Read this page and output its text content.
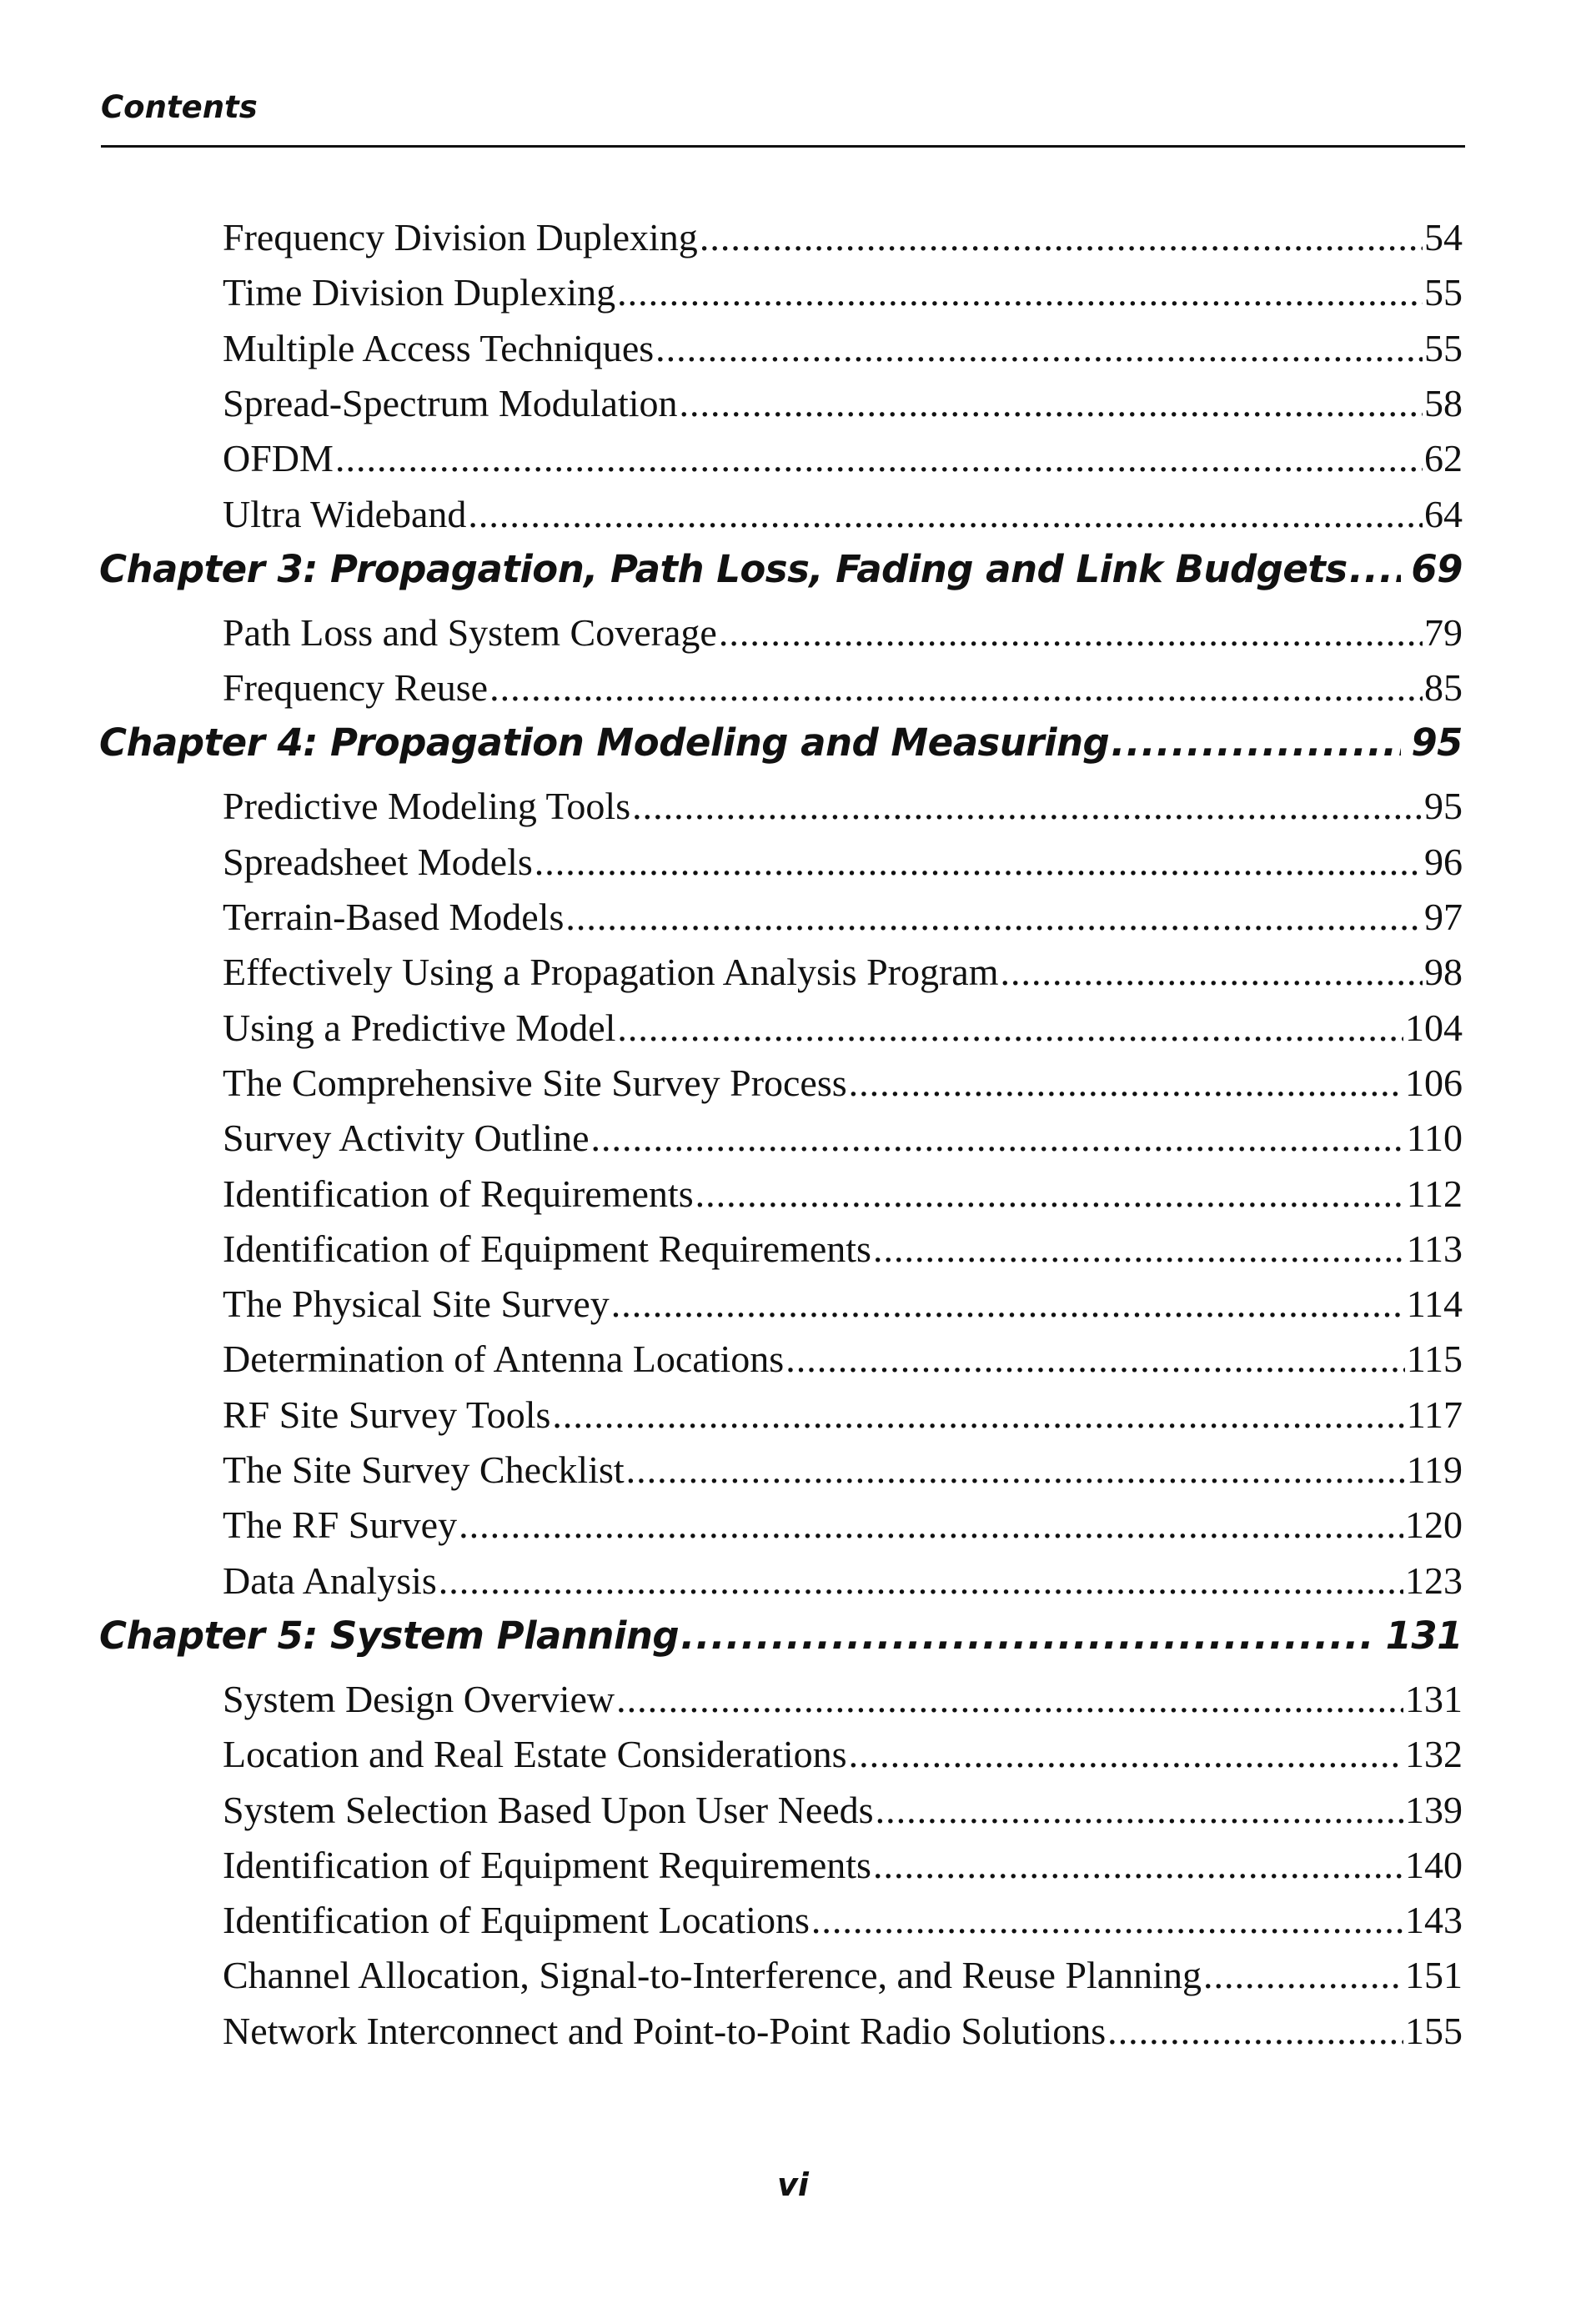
Contents
Frequency Division Duplexing .....	54
Time Division Duplexing .....	55
Multiple Access Techniques .....	55
Spread-Spectrum Modulation .....	58
OFDM .....	62
Ultra Wideband .....	64
Chapter 3: Propagation, Path Loss, Fading and Link Budgets ..... 69
Path Loss and System Coverage .....	79
Frequency Reuse .....	85
Chapter 4: Propagation Modeling and Measuring .....	95
Predictive Modeling Tools .....	95
Spreadsheet Models .....	96
Terrain-Based Models .....	97
Effectively Using a Propagation Analysis Program .....	98
Using a Predictive Model .....	104
The Comprehensive Site Survey Process .....	106
Survey Activity Outline .....	110
Identification of Requirements .....	112
Identification of Equipment Requirements .....	113
The Physical Site Survey .....	114
Determination of Antenna Locations .....	115
RF Site Survey Tools .....	117
The Site Survey Checklist .....	119
The RF Survey .....	120
Data Analysis .....	123
Chapter 5: System Planning .....	131
System Design Overview .....	131
Location and Real Estate Considerations .....	132
System Selection Based Upon User Needs .....	139
Identification of Equipment Requirements .....	140
Identification of Equipment Locations .....	143
Channel Allocation, Signal-to-Interference, and Reuse Planning .....	151
Network Interconnect and Point-to-Point Radio Solutions .....	155
vi
